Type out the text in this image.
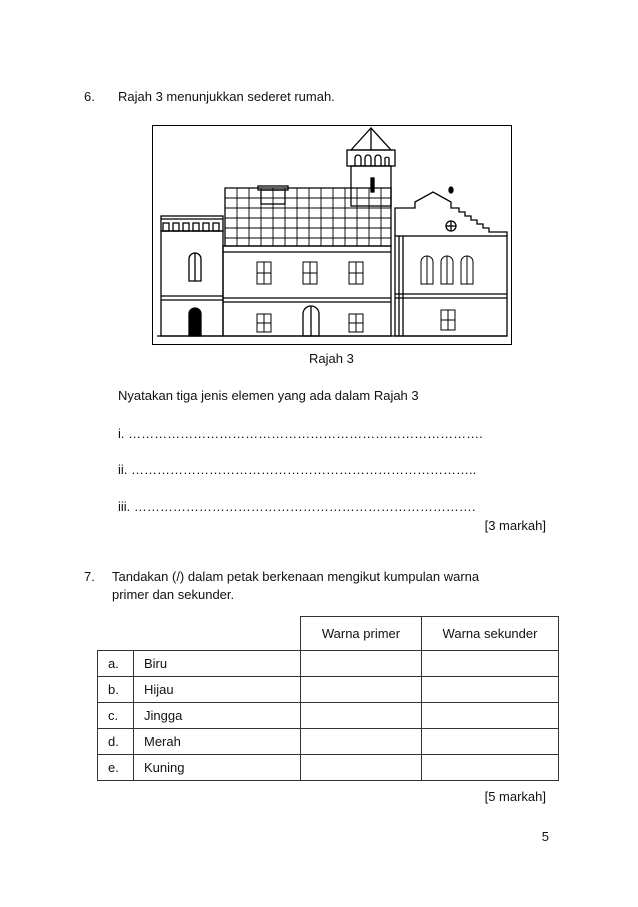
6. Rajah 3 menunjukkan sederet rumah.
Rajah 3
Nyatakan tiga jenis elemen yang ada dalam Rajah 3
i. ……………………………………………………………………….
ii. ……………………………………………………………………..
iii. …………………………………………………………………….
[3 markah]
7. Tandakan (/) dalam petak berkenaan mengikut kumpulan warna
primer dan sekunder.
		Warna primer	Warna sekunder
a.	Biru		
b.	Hijau		
c.	Jingga		
d.	Merah		
e.	Kuning		
[5 markah]
5
